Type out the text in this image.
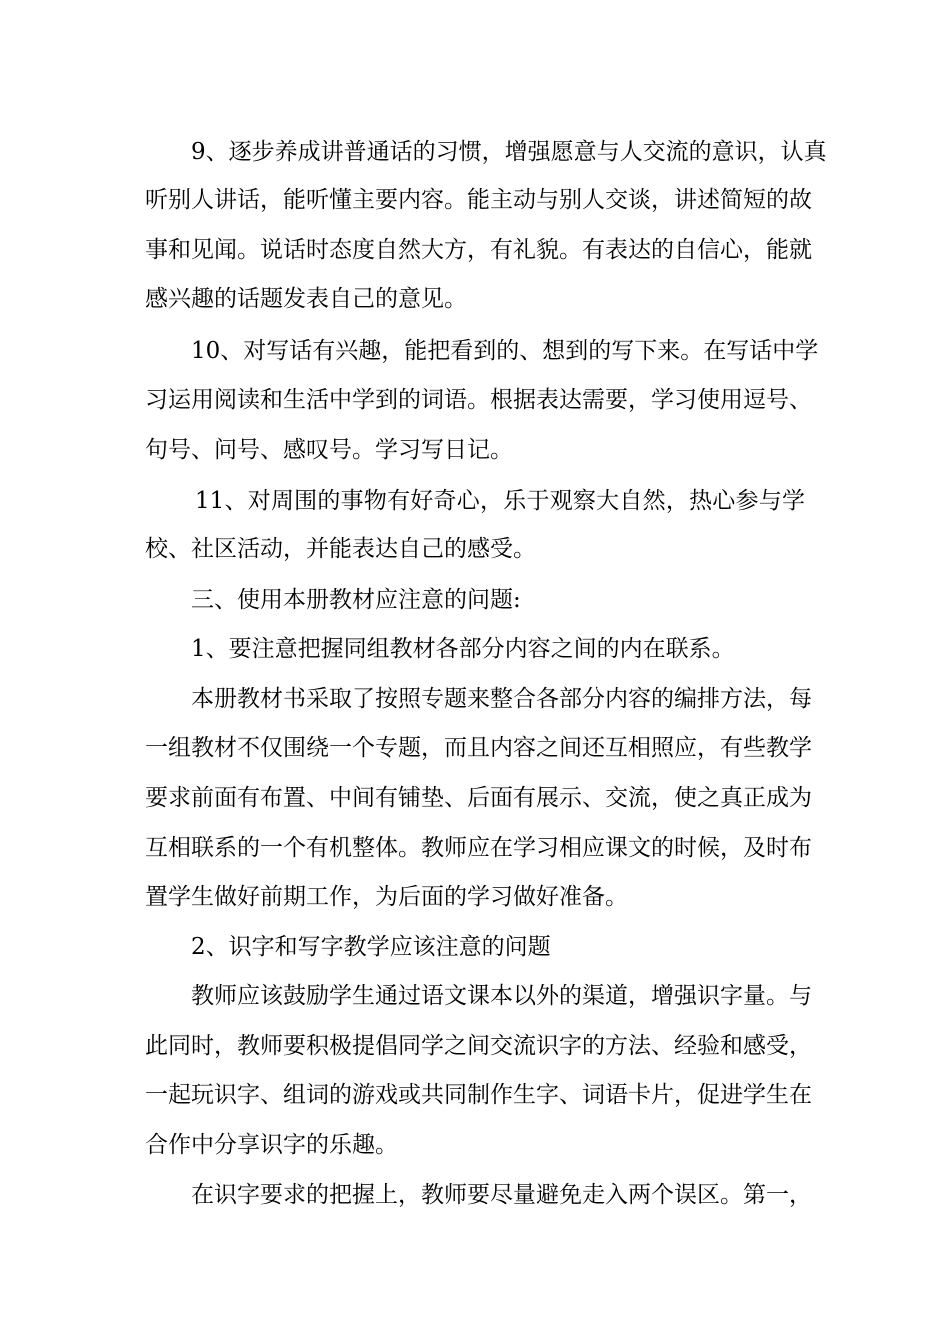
9、逐步养成讲普通话的习惯，增强愿意与人交流的意识，认真
听别人讲话，能听懂主要内容。能主动与别人交谈，讲述简短的故
事和见闻。说话时态度自然大方，有礼貌。有表达的自信心，能就
感兴趣的话题发表自己的意见。
10、对写话有兴趣，能把看到的、想到的写下来。在写话中学
习运用阅读和生活中学到的词语。根据表达需要，学习使用逗号、
句号、问号、感叹号。学习写日记。
11、对周围的事物有好奇心，乐于观察大自然，热心参与学
校、社区活动，并能表达自己的感受。
三、使用本册教材应注意的问题:
1、要注意把握同组教材各部分内容之间的内在联系。
本册教材书采取了按照专题来整合各部分内容的编排方法，每
一组教材不仅围绕一个专题，而且内容之间还互相照应，有些教学
要求前面有布置、中间有铺垫、后面有展示、交流，使之真正成为
互相联系的一个有机整体。教师应在学习相应课文的时候，及时布
置学生做好前期工作，为后面的学习做好准备。
2、识字和写字教学应该注意的问题
教师应该鼓励学生通过语文课本以外的渠道，增强识字量。与
此同时，教师要积极提倡同学之间交流识字的方法、经验和感受，
一起玩识字、组词的游戏或共同制作生字、词语卡片，促进学生在
合作中分享识字的乐趣。
在识字要求的把握上，教师要尽量避免走入两个误区。第一，
